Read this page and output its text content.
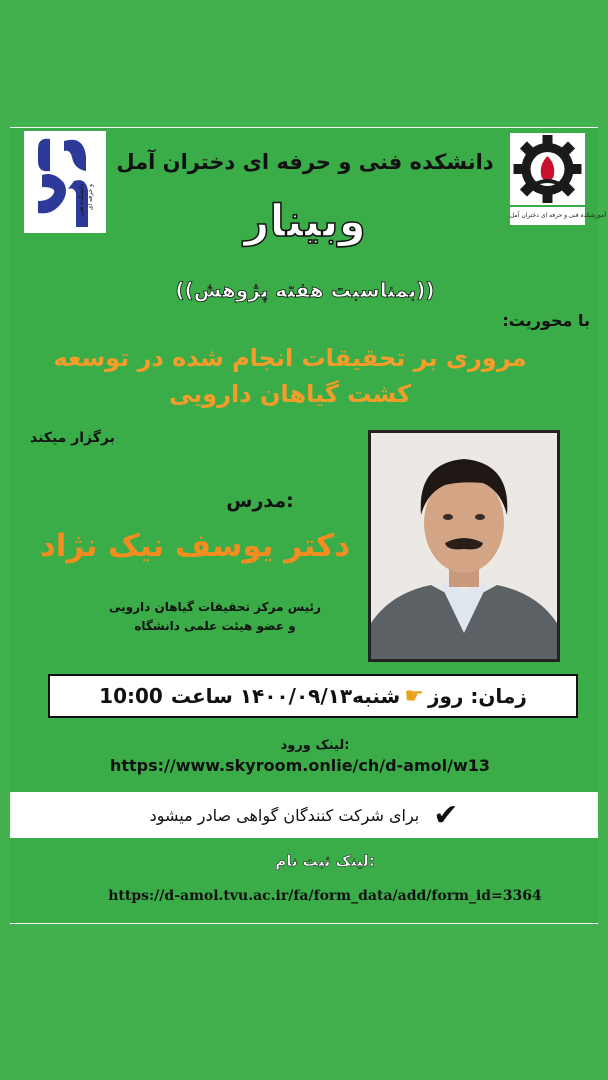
دانشکده فنی و حرفه ای
آموزشکده فنی و حرفه ای دختران آمل
دانشکده فنی و حرفه ای دختران آمل
وبینار
((بمناسبت هفته پژوهش))
با محوریت:
مروری بر تحقیقات انجام شده در توسعه
کشت گیاهان دارویی
برگزار میکند
مدرس:
دکتر یوسف نیک نژاد
رئیس مرکز تحقیقات گیاهان دارویی
و عضو هیئت علمی دانشگاه
10:00 شنبه۱۴۰۰/۰۹/۱۳ ساعت ☛ زمان: روز
لینک ورود:
https://www.skyroom.onlie/ch/d-amol/w13
✔
برای شرکت کنندگان گواهی صادر میشود
لینک ثبت نام:
https://d-amol.tvu.ac.ir/fa/form_data/add/form_id=3364
